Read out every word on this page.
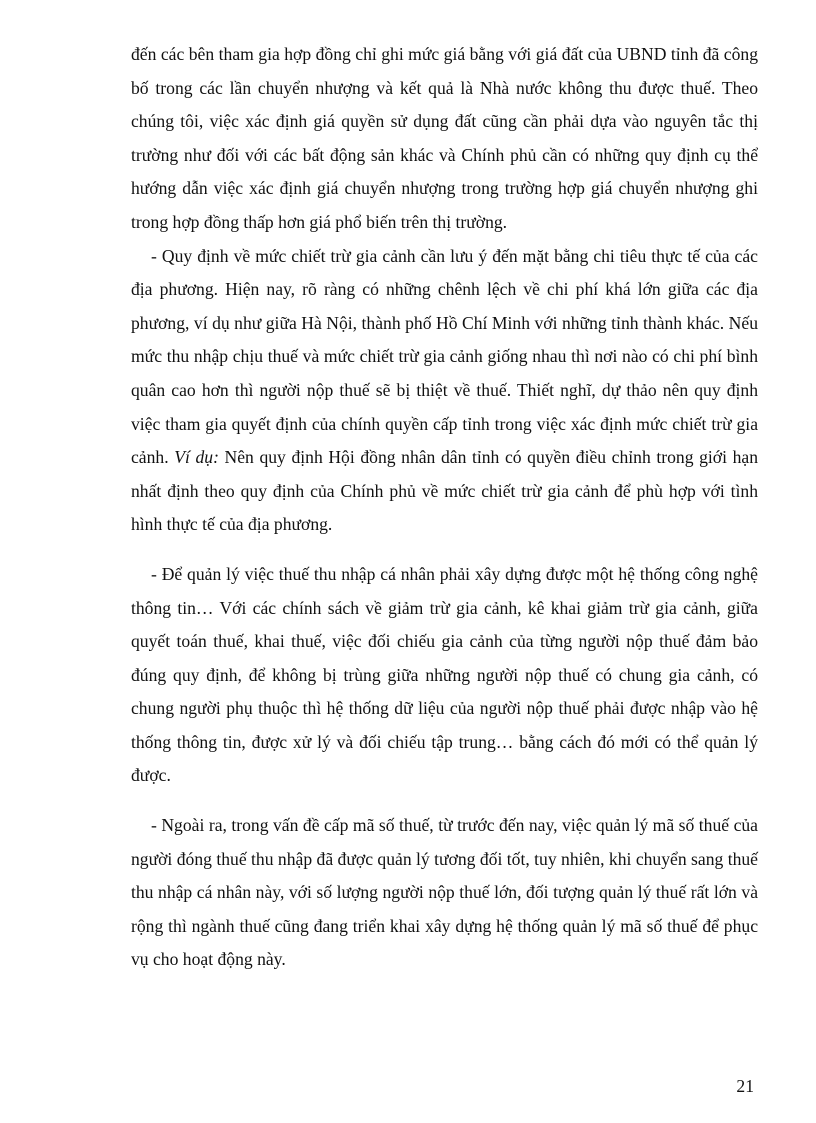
đến các bên tham gia hợp đồng chỉ ghi mức giá bằng với giá đất của UBND tỉnh đã công bố trong các lần chuyển nhượng và kết quả là Nhà nước không thu được thuế. Theo chúng tôi, việc xác định giá quyền sử dụng đất cũng cần phải dựa vào nguyên tắc thị trường như đối với các bất động sản khác và Chính phủ cần có những quy định cụ thể hướng dẫn việc xác định giá chuyển nhượng trong trường hợp giá chuyển nhượng ghi trong hợp đồng thấp hơn giá phổ biến trên thị trường.

- Quy định về mức chiết trừ gia cảnh cần lưu ý đến mặt bằng chi tiêu thực tế của các địa phương. Hiện nay, rõ ràng có những chênh lệch về chi phí khá lớn giữa các địa phương, ví dụ như giữa Hà Nội, thành phố Hồ Chí Minh với những tỉnh thành khác. Nếu mức thu nhập chịu thuế và mức chiết trừ gia cảnh giống nhau thì nơi nào có chi phí bình quân cao hơn thì người nộp thuế sẽ bị thiệt về thuế. Thiết nghĩ, dự thảo nên quy định việc tham gia quyết định của chính quyền cấp tỉnh trong việc xác định mức chiết trừ gia cảnh. Ví dụ: Nên quy định Hội đồng nhân dân tỉnh có quyền điều chỉnh trong giới hạn nhất định theo quy định của Chính phủ về mức chiết trừ gia cảnh để phù hợp với tình hình thực tế của địa phương.

- Để quản lý việc thuế thu nhập cá nhân phải xây dựng được một hệ thống công nghệ thông tin… Với các chính sách về giảm trừ gia cảnh, kê khai giảm trừ gia cảnh, giữa quyết toán thuế, khai thuế, việc đối chiếu gia cảnh của từng người nộp thuế đảm bảo đúng quy định, để không bị trùng giữa những người nộp thuế có chung gia cảnh, có chung người phụ thuộc thì hệ thống dữ liệu của người nộp thuế phải được nhập vào hệ thống thông tin, được xử lý và đối chiếu tập trung… bằng cách đó mới có thể quản lý được.

- Ngoài ra, trong vấn đề cấp mã số thuế, từ trước đến nay, việc quản lý mã số thuế của người đóng thuế thu nhập đã được quản lý tương đối tốt, tuy nhiên, khi chuyển sang thuế thu nhập cá nhân này, với số lượng người nộp thuế lớn, đối tượng quản lý thuế rất lớn và rộng thì ngành thuế cũng đang triển khai xây dựng hệ thống quản lý mã số thuế để phục vụ cho hoạt động này.

21
